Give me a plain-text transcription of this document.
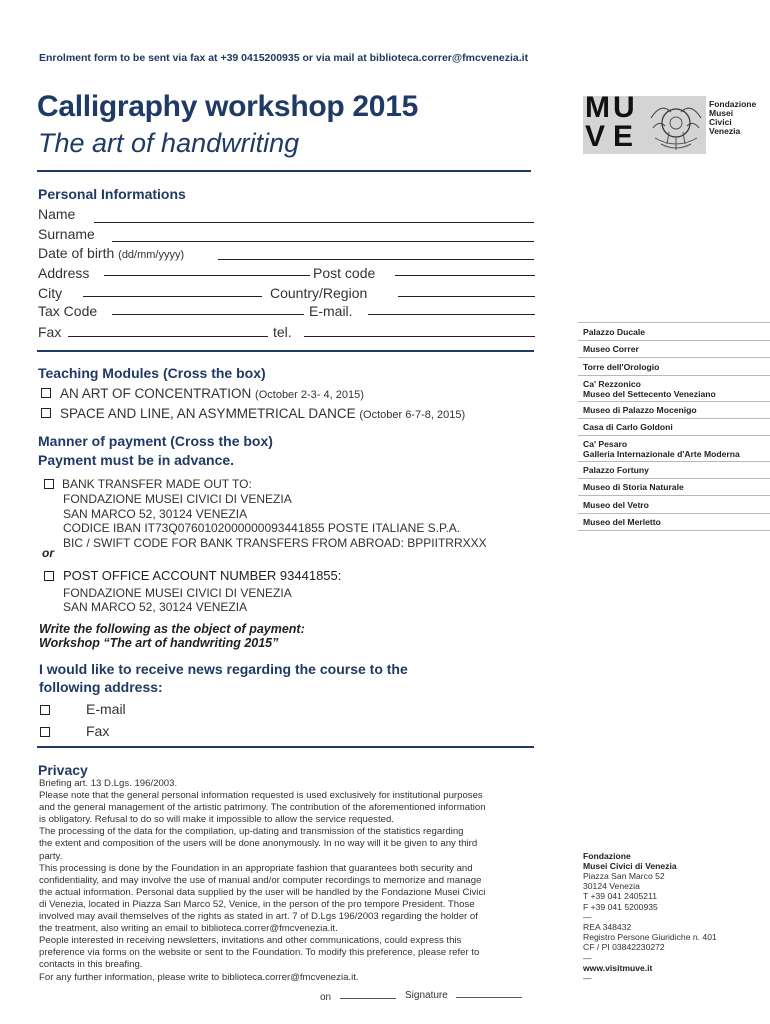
Enrolment form to be sent via fax at +39 0415200935 or via mail at biblioteca.correr@fmcvenezia.it
Calligraphy workshop 2015
The art of handwriting
M U
V E
Fondazione
Musei
Civici
Venezia
Personal Informations
Name
Surname
Date of birth (dd/mm/yyyy)
Address	Post code
City	Country/Region
Tax Code	E-mail.
Fax	tel.
Teaching Modules (Cross the box)
AN ART OF CONCENTRATION (October 2-3- 4, 2015)
SPACE AND LINE, AN ASYMMETRICAL DANCE (October 6-7-8, 2015)
Manner of payment (Cross the box)
Payment must be in advance.
BANK TRANSFER MADE OUT TO:
FONDAZIONE MUSEI CIVICI DI VENEZIA
SAN MARCO 52, 30124 VENEZIA
CODICE IBAN IT73Q0760102000000093441855 POSTE ITALIANE S.P.A.
BIC / SWIFT CODE FOR BANK TRANSFERS FROM ABROAD: BPPIITRRXXX
or
POST OFFICE ACCOUNT NUMBER 93441855:
FONDAZIONE MUSEI CIVICI DI VENEZIA
SAN MARCO 52, 30124 VENEZIA
Write the following as the object of payment:
Workshop “The art of handwriting 2015”
I would like to receive news regarding the course to the
following address:
E-mail
Fax
Privacy
Briefing art. 13 D.Lgs. 196/2003.
Please note that the general personal information requested is used exclusively for institutional purposes
and the general management of the artistic patrimony. The contribution of the aforementioned information
is obligatory. Refusal to do so will make it impossible to allow the service requested.
The processing of the data for the compilation, up-dating and transmission of the statistics regarding
the extent and composition of the users will be done anonymously. In no way will it be given to any third
party.
This processing is done by the Foundation in an appropriate fashion that guarantees both security and
confidentiality, and may involve the use of manual and/or computer recordings to memorize and manage
the actual information. Personal data supplied by the user will be handled by the Fondazione Musei Civici
di Venezia, located in Piazza San Marco 52, Venice, in the person of the pro tempore President. Those
involved may avail themselves of the rights as stated in art. 7 of D.Lgs 196/2003 regarding the holder of
the treatment, also writing an email to biblioteca.correr@fmcvenezia.it.
People interested in receiving newsletters, invitations and other communications, could express this
preference via forms on the website or sent to the Foundation. To modify this preference, please refer to
contacts in this breafing.
For any further information, please write to biblioteca.correr@fmcvenezia.it.
on	Signature
Palazzo Ducale
Museo Correr
Torre dell'Orologio
Ca' Rezzonico
Museo del Settecento Veneziano
Museo di Palazzo Mocenigo
Casa di Carlo Goldoni
Ca' Pesaro
Galleria Internazionale d'Arte Moderna
Palazzo Fortuny
Museo di Storia Naturale
Museo del Vetro
Museo del Merletto
Fondazione
Musei Civici di Venezia
Piazza San Marco 52
30124 Venezia
T +39 041 2405211
F +39 041 5200935
—
REA 348432
Registro Persone Giuridiche n. 401
CF / PI 03842230272
—
www.visitmuve.it
—
